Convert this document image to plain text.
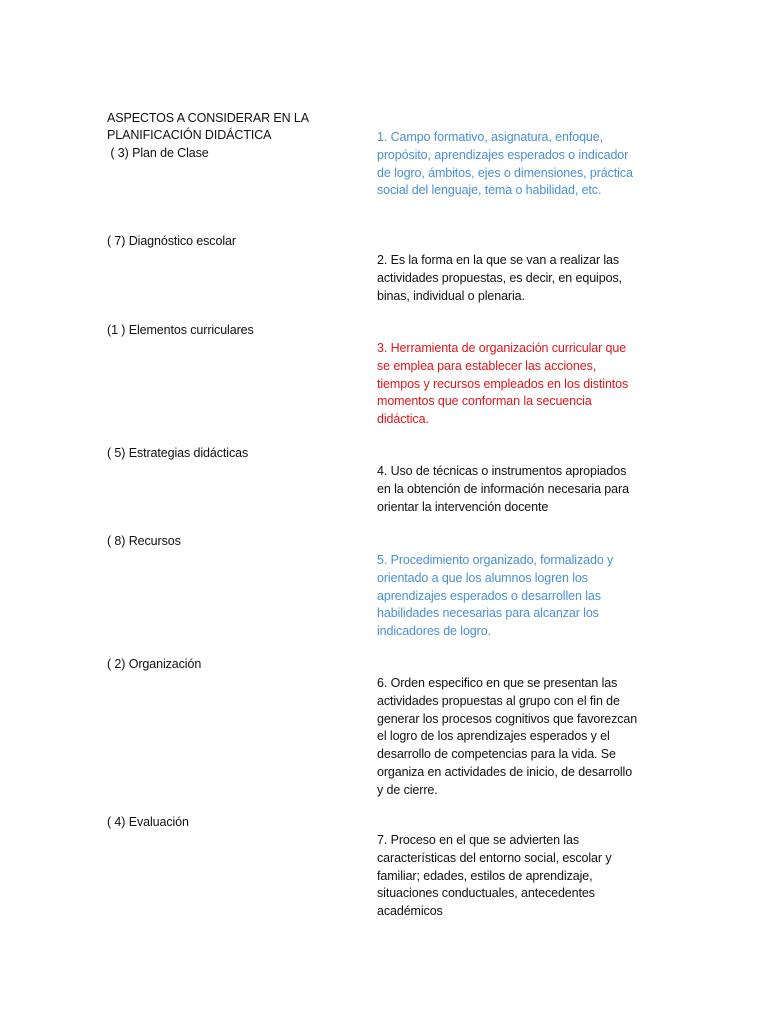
ASPECTOS A CONSIDERAR EN LA
PLANIFICACIÓN DIDÁCTICA
( 3) Plan de Clase
( 7) Diagnóstico escolar
(1 ) Elementos curriculares
( 5) Estrategias didácticas
( 8) Recursos
( 2) Organización
( 4) Evaluación
1. Campo formativo, asignatura, enfoque, propósito, aprendizajes esperados o indicador de logro, ámbitos, ejes o dimensiones, práctica social del lenguaje, tema o habilidad, etc.
2. Es la forma en la que se van a realizar las actividades propuestas, es decir, en equipos, binas, individual o plenaria.
3. Herramienta de organización curricular que se emplea para establecer las acciones, tiempos y recursos empleados en los distintos momentos que conforman la secuencia didáctica.
4. Uso de técnicas o instrumentos apropiados en la obtención de información necesaria para orientar la intervención docente
5. Procedimiento organizado, formalizado y orientado a que los alumnos logren los aprendizajes esperados o desarrollen las habilidades necesarias para alcanzar los indicadores de logro.
6. Orden especifico en que se presentan las actividades propuestas al grupo con el fin de generar los procesos cognitivos que favorezcan el logro de los aprendizajes esperados y el desarrollo de competencias para la vida. Se organiza en actividades de inicio, de desarrollo y de cierre.
7. Proceso en el que se advierten las características del entorno social, escolar y familiar; edades, estilos de aprendizaje, situaciones conductuales, antecedentes académicos
